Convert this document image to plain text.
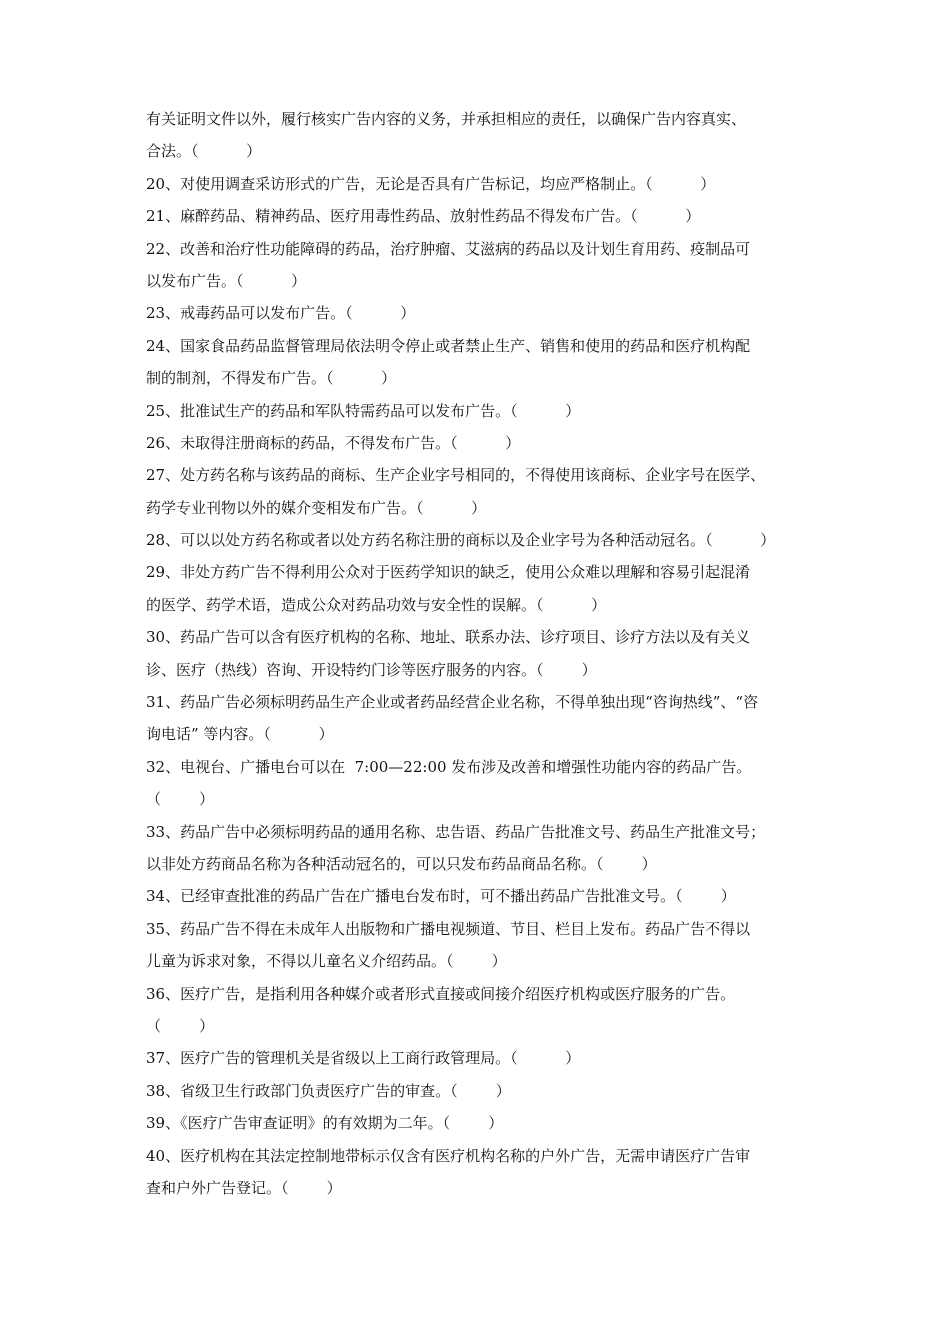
有关证明文件以外，履行核实广告内容的义务，并承担相应的责任，以确保广告内容真实、
合法。（          ）
20、对使用调查采访形式的广告，无论是否具有广告标记，均应严格制止。（          ）
21、麻醉药品、精神药品、医疗用毒性药品、放射性药品不得发布广告。（          ）
22、改善和治疗性功能障碍的药品，治疗肿瘤、艾滋病的药品以及计划生育用药、疫制品可
以发布广告。（          ）
23、戒毒药品可以发布广告。（          ）
24、国家食品药品监督管理局依法明令停止或者禁止生产、销售和使用的药品和医疗机构配
制的制剂，不得发布广告。（          ）
25、批准试生产的药品和军队特需药品可以发布广告。（          ）
26、未取得注册商标的药品，不得发布广告。（          ）
27、处方药名称与该药品的商标、生产企业字号相同的，不得使用该商标、企业字号在医学、
药学专业刊物以外的媒介变相发布广告。（          ）
28、可以以处方药名称或者以处方药名称注册的商标以及企业字号为各种活动冠名。（          ）
29、非处方药广告不得利用公众对于医药学知识的缺乏，使用公众难以理解和容易引起混淆
的医学、药学术语，造成公众对药品功效与安全性的误解。（          ）
30、药品广告可以含有医疗机构的名称、地址、联系办法、诊疗项目、诊疗方法以及有关义
诊、医疗（热线）咨询、开设特约门诊等医疗服务的内容。（        ）
31、药品广告必须标明药品生产企业或者药品经营企业名称，不得单独出现“咨询热线”、“咨
询电话” 等内容。（          ）
32、电视台、广播电台可以在  7:00—22:00 发布涉及改善和增强性功能内容的药品广告。
（        ）
33、药品广告中必须标明药品的通用名称、忠告语、药品广告批准文号、药品生产批准文号；
以非处方药商品名称为各种活动冠名的，可以只发布药品商品名称。（        ）
34、已经审查批准的药品广告在广播电台发布时，可不播出药品广告批准文号。（        ）
35、药品广告不得在未成年人出版物和广播电视频道、节目、栏目上发布。药品广告不得以
儿童为诉求对象，不得以儿童名义介绍药品。（        ）
36、医疗广告，是指利用各种媒介或者形式直接或间接介绍医疗机构或医疗服务的广告。
（        ）
37、医疗广告的管理机关是省级以上工商行政管理局。（          ）
38、省级卫生行政部门负责医疗广告的审查。（        ）
39、《医疗广告审查证明》的有效期为二年。（        ）
40、医疗机构在其法定控制地带标示仅含有医疗机构名称的户外广告，无需申请医疗广告审
查和户外广告登记。（        ）
